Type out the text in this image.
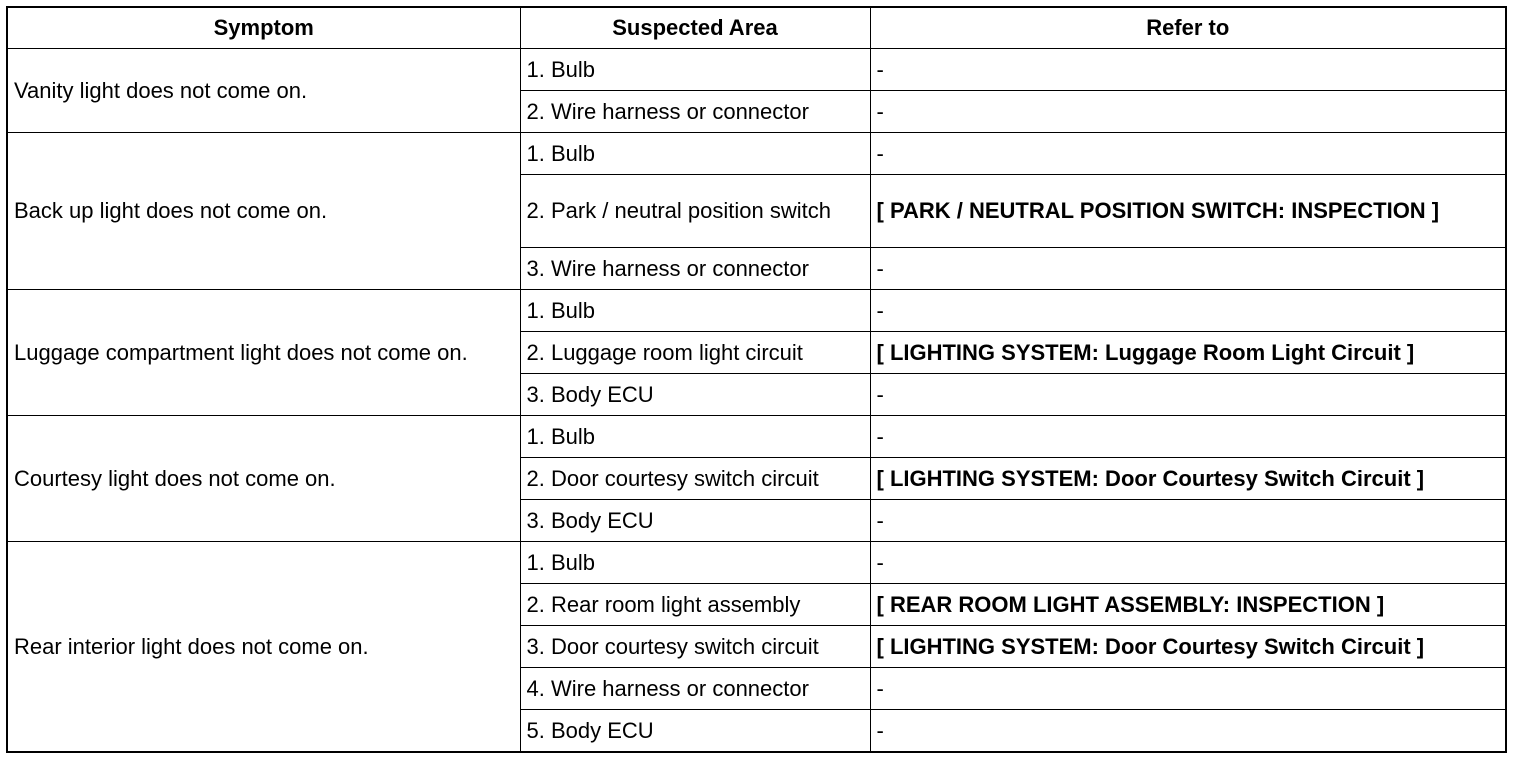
Symptom	Suspected Area	Refer to
Vanity light does not come on.	1. Bulb	-
	2. Wire harness or connector	-
Back up light does not come on.	1. Bulb	-
	2. Park / neutral position switch	[ PARK / NEUTRAL POSITION SWITCH: INSPECTION ]
	3. Wire harness or connector	-
Luggage compartment light does not come on.	1. Bulb	-
	2. Luggage room light circuit	[ LIGHTING SYSTEM: Luggage Room Light Circuit ]
	3. Body ECU	-
Courtesy light does not come on.	1. Bulb	-
	2. Door courtesy switch circuit	[ LIGHTING SYSTEM: Door Courtesy Switch Circuit ]
	3. Body ECU	-
Rear interior light does not come on.	1. Bulb	-
	2. Rear room light assembly	[ REAR ROOM LIGHT ASSEMBLY: INSPECTION ]
	3. Door courtesy switch circuit	[ LIGHTING SYSTEM: Door Courtesy Switch Circuit ]
	4. Wire harness or connector	-
	5. Body ECU	-
